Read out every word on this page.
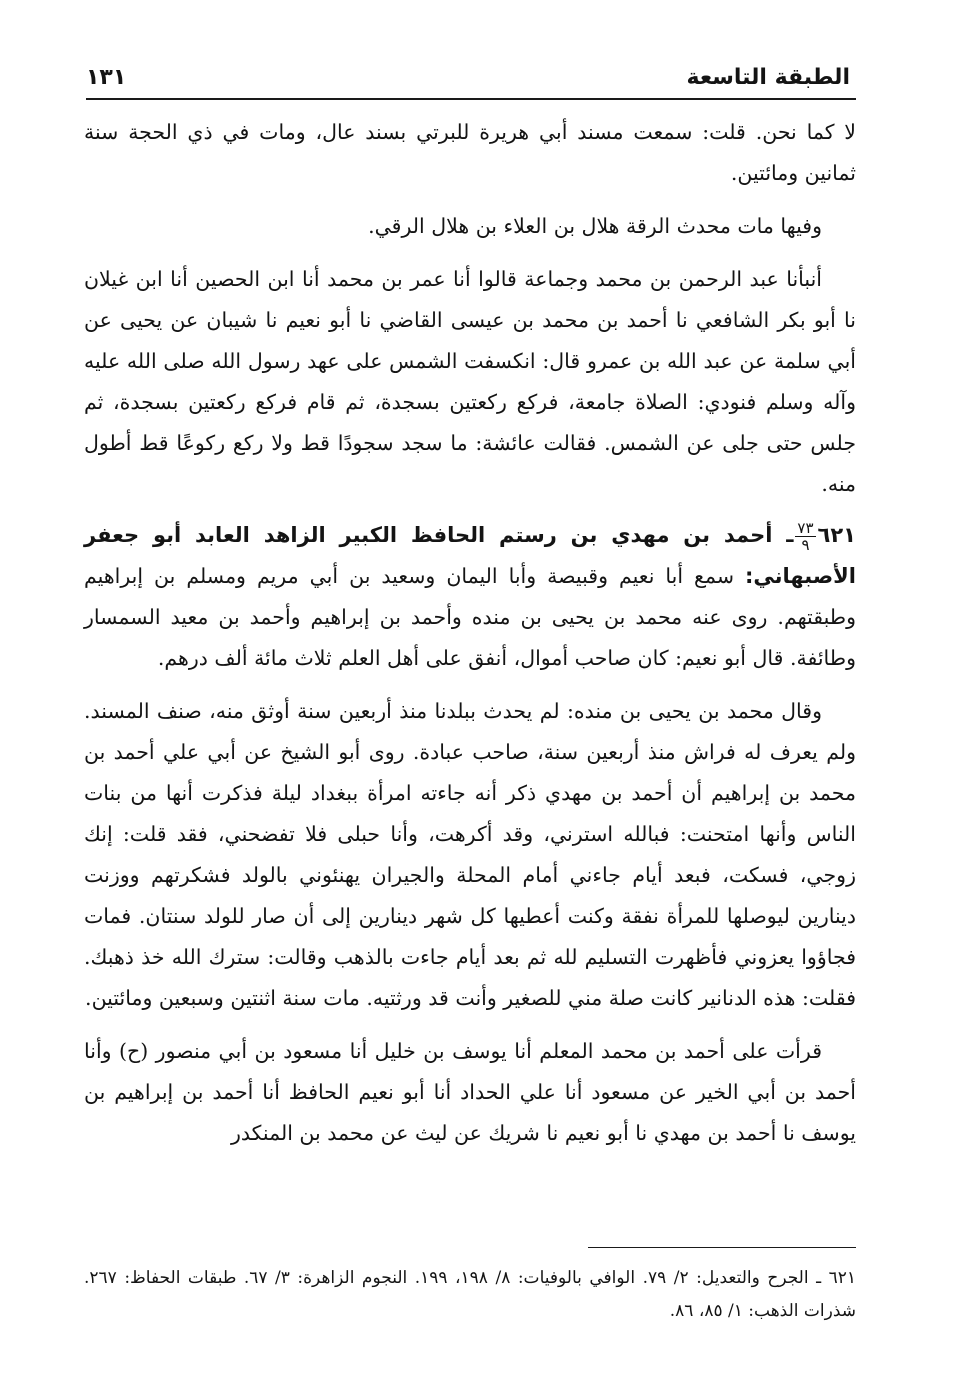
الطبقة التاسعة
١٣١

لا كما نحن. قلت: سمعت مسند أبي هريرة للبرتي بسند عال، ومات في ذي الحجة سنة ثمانين ومائتين.

وفيها مات محدث الرقة هلال بن العلاء بن هلال الرقي.

أنبأنا عبد الرحمن بن محمد وجماعة قالوا أنا عمر بن محمد أنا ابن الحصين أنا ابن غيلان نا أبو بكر الشافعي نا أحمد بن محمد بن عيسى القاضي نا أبو نعيم نا شيبان عن يحيى عن أبي سلمة عن عبد الله بن عمرو قال: انكسفت الشمس على عهد رسول الله صلى الله عليه وآله وسلم فنودي: الصلاة جامعة، فركع ركعتين بسجدة، ثم قام فركع ركعتين بسجدة، ثم جلس حتى جلى عن الشمس. فقالت عائشة: ما سجد سجودًا قط ولا ركع ركوعًا قط أطول منه.

٦٢١
$\frac{٧٣}{٩}$
ـ أحمد بن مهدي بن رستم الحافظ الكبير الزاهد العابد أبو جعفر الأصبهاني: سمع أبا نعيم وقبيصة وأبا اليمان وسعيد بن أبي مريم ومسلم بن إبراهيم وطبقتهم. روى عنه محمد بن يحيى بن منده وأحمد بن إبراهيم وأحمد بن معيد السمسار وطائفة. قال أبو نعيم: كان صاحب أموال، أنفق على أهل العلم ثلاث مائة ألف درهم.

وقال محمد بن يحيى بن منده: لم يحدث ببلدنا منذ أربعين سنة أوثق منه، صنف المسند. ولم يعرف له فراش منذ أربعين سنة، صاحب عبادة. روى أبو الشيخ عن أبي علي أحمد بن محمد بن إبراهيم أن أحمد بن مهدي ذكر أنه جاءته امرأة ببغداد ليلة فذكرت أنها من بنات الناس وأنها امتحنت: فبالله استرني، وقد أكرهت، وأنا حبلى فلا تفضحني، فقد قلت: إنك زوجي، فسكت، فبعد أيام جاءني أمام المحلة والجيران يهنئوني بالولد فشكرتهم ووزنت دينارين ليوصلها للمرأة نفقة وكنت أعطيها كل شهر دينارين إلى أن صار للولد سنتان. فمات فجاؤوا يعزوني فأظهرت التسليم لله ثم بعد أيام جاءت بالذهب وقالت: سترك الله خذ ذهبك. فقلت: هذه الدنانير كانت صلة مني للصغير وأنت قد ورثتيه. مات سنة اثنتين وسبعين ومائتين.

قرأت على أحمد بن محمد المعلم أنا يوسف بن خليل أنا مسعود بن أبي منصور (ح) وأنا أحمد بن أبي الخير عن مسعود أنا علي الحداد أنا أبو نعيم الحافظ أنا أحمد بن إبراهيم بن يوسف نا أحمد بن مهدي نا أبو نعيم نا شريك عن ليث عن محمد بن المنكدر

٦٢١ ـ الجرح والتعديل: ٢/ ٧٩. الوافي بالوفيات: ٨/ ١٩٨، ١٩٩. النجوم الزاهرة: ٣/ ٦٧. طبقات الحفاظ: ٢٦٧. شذرات الذهب: ١/ ٨٥، ٨٦.
